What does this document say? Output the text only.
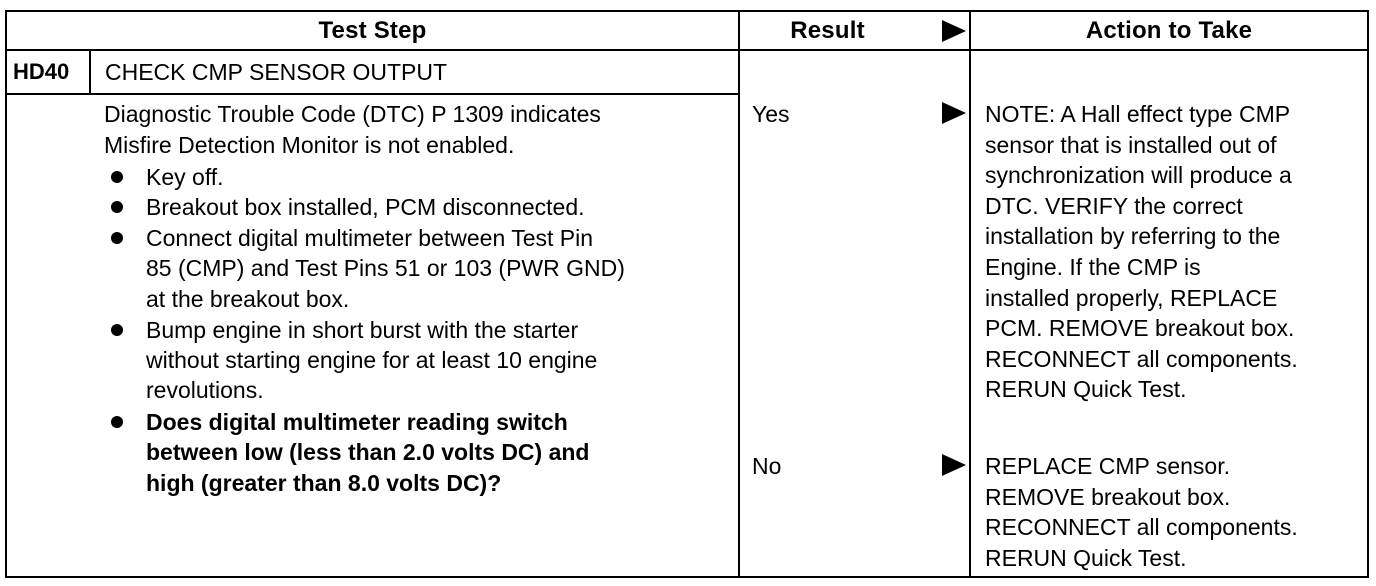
Test Step	Result	Action to Take
HD40 CHECK CMP SENSOR OUTPUT
Diagnostic Trouble Code (DTC) P 1309 indicates
Misfire Detection Monitor is not enabled.
Key off.
Breakout box installed, PCM disconnected.
Connect digital multimeter between Test Pin
85 (CMP) and Test Pins 51 or 103 (PWR GND)
at the breakout box.
Bump engine in short burst with the starter
without starting engine for at least 10 engine
revolutions.
Does digital multimeter reading switch
between low (less than 2.0 volts DC) and
high (greater than 8.0 volts DC)?
Yes	NOTE: A Hall effect type CMP
sensor that is installed out of
synchronization will produce a
DTC. VERIFY the correct
installation by referring to the
Engine. If the CMP is
installed properly, REPLACE
PCM. REMOVE breakout box.
RECONNECT all components.
RERUN Quick Test.
No	REPLACE CMP sensor.
REMOVE breakout box.
RECONNECT all components.
RERUN Quick Test.
